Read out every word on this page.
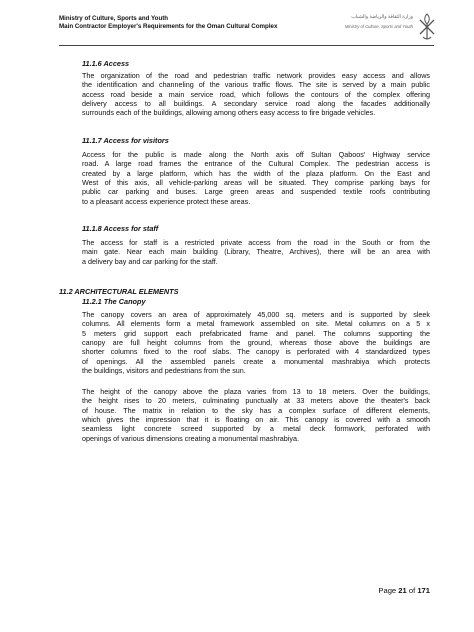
Ministry of Culture, Sports and Youth
Main Contractor Employer's Requirements for the Oman Cultural Complex
وزارة الثقافة والرياضة والشباب
Ministry of Culture, Sports and Youth
11.1.6 Access
The organization of the road and pedestrian traffic network provides easy access and allows
the identification and channeling of the various traffic flows. The site is served by a main public
access road beside a main service road, which follows the contours of the complex offering
delivery access to all buildings. A secondary service road along the facades additionally
surrounds each of the buildings, allowing among others easy access to fire brigade vehicles.
11.1.7 Access for visitors
Access for the public is made along the North axis off Sultan Qaboos' Highway service
road. A large road frames the entrance of the Cultural Complex. The pedestrian access is
created by a large platform, which has the width of the plaza platform. On the East and
West of this axis, all vehicle-parking areas will be situated. They comprise parking bays for
public car parking and buses. Large green areas and suspended textile roofs contributing
to a pleasant access experience protect these areas.
11.1.8 Access for staff
The access for staff is a restricted private access from the road in the South or from the
main gate. Near each main building (Library, Theatre, Archives), there will be an area with
a delivery bay and car parking for the staff.
11.2 ARCHITECTURAL ELEMENTS
11.2.1 The Canopy
The canopy covers an area of approximately 45,000 sq. meters and is supported by sleek
columns. All elements form a metal framework assembled on site. Metal columns on a 5 x
5 meters grid support each prefabricated frame and panel. The columns supporting the
canopy are full height columns from the ground, whereas those above the buildings are
shorter columns fixed to the roof slabs. The canopy is perforated with 4 standardized types
of openings. All the assembled panels create a monumental mashrabiya which protects
the buildings, visitors and pedestrians from the sun.
The height of the canopy above the plaza varies from 13 to 18 meters. Over the buildings,
the height rises to 20 meters, culminating punctually at 33 meters above the theater's back
of house. The matrix in relation to the sky has a complex surface of different elements,
which gives the impression that it is floating on air. This canopy is covered with a smooth
seamless light concrete screed supported by a metal deck formwork, perforated with
openings of various dimensions creating a monumental mashrabiya.
Page 21 of 171
